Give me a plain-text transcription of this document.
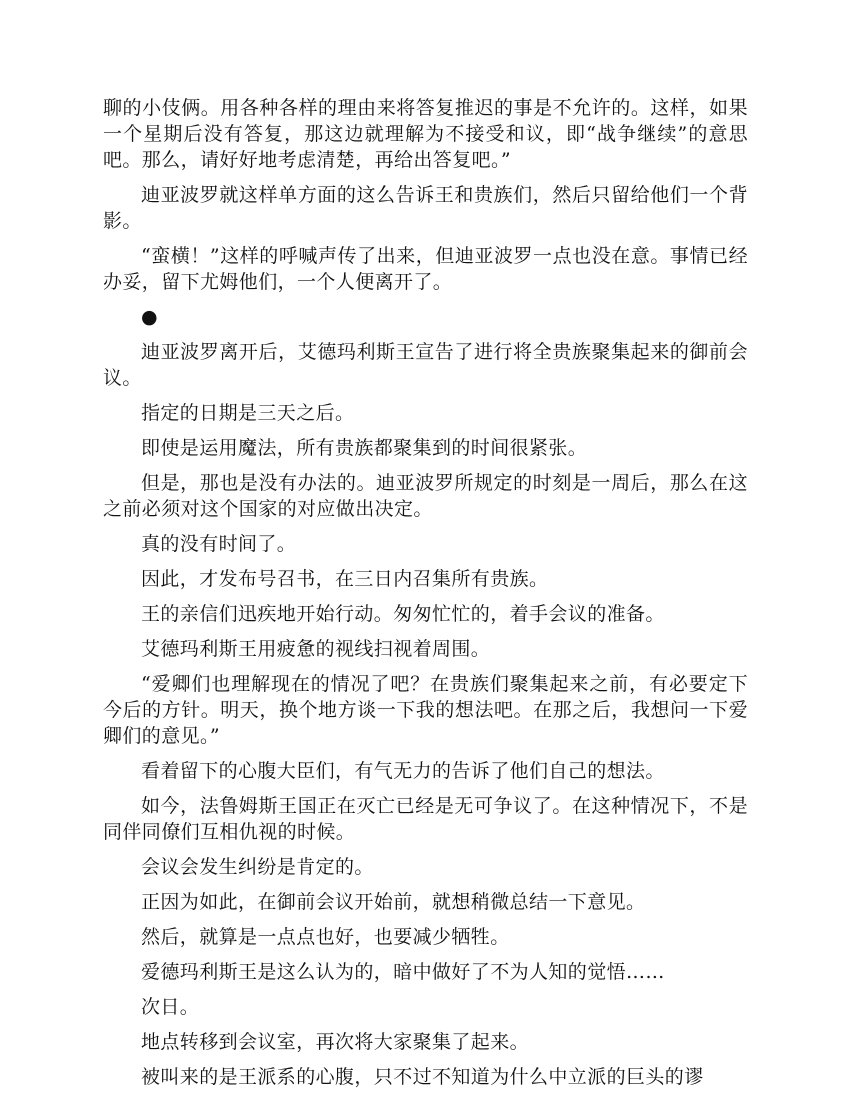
聊的小伎俩。用各种各样的理由来将答复推迟的事是不允许的。这样，如果一个星期后没有答复，那这边就理解为不接受和议，即“战争继续”的意思吧。那么，请好好地考虑清楚，再给出答复吧。”

迪亚波罗就这样单方面的这么告诉王和贵族们，然后只留给他们一个背影。

“蛮横！”这样的呼喊声传了出来，但迪亚波罗一点也没在意。事情已经办妥，留下尤姆他们，一个人便离开了。

●

迪亚波罗离开后，艾德玛利斯王宣告了进行将全贵族聚集起来的御前会议。

指定的日期是三天之后。

即使是运用魔法，所有贵族都聚集到的时间很紧张。

但是，那也是没有办法的。迪亚波罗所规定的时刻是一周后，那么在这之前必须对这个国家的对应做出决定。

真的没有时间了。

因此，才发布号召书，在三日内召集所有贵族。

王的亲信们迅疾地开始行动。匆匆忙忙的，着手会议的准备。

艾德玛利斯王用疲惫的视线扫视着周围。

“爱卿们也理解现在的情况了吧？在贵族们聚集起来之前，有必要定下今后的方针。明天，换个地方谈一下我的想法吧。在那之后，我想问一下爱卿们的意见。”

看着留下的心腹大臣们，有气无力的告诉了他们自己的想法。

如今，法鲁姆斯王国正在灭亡已经是无可争议了。在这种情况下，不是同伴同僚们互相仇视的时候。

会议会发生纠纷是肯定的。

正因为如此，在御前会议开始前，就想稍微总结一下意见。

然后，就算是一点点也好，也要减少牺牲。

爱德玛利斯王是这么认为的，暗中做好了不为人知的觉悟……

次日。

地点转移到会议室，再次将大家聚集了起来。

被叫来的是王派系的心腹，只不过不知道为什么中立派的巨头的谬
